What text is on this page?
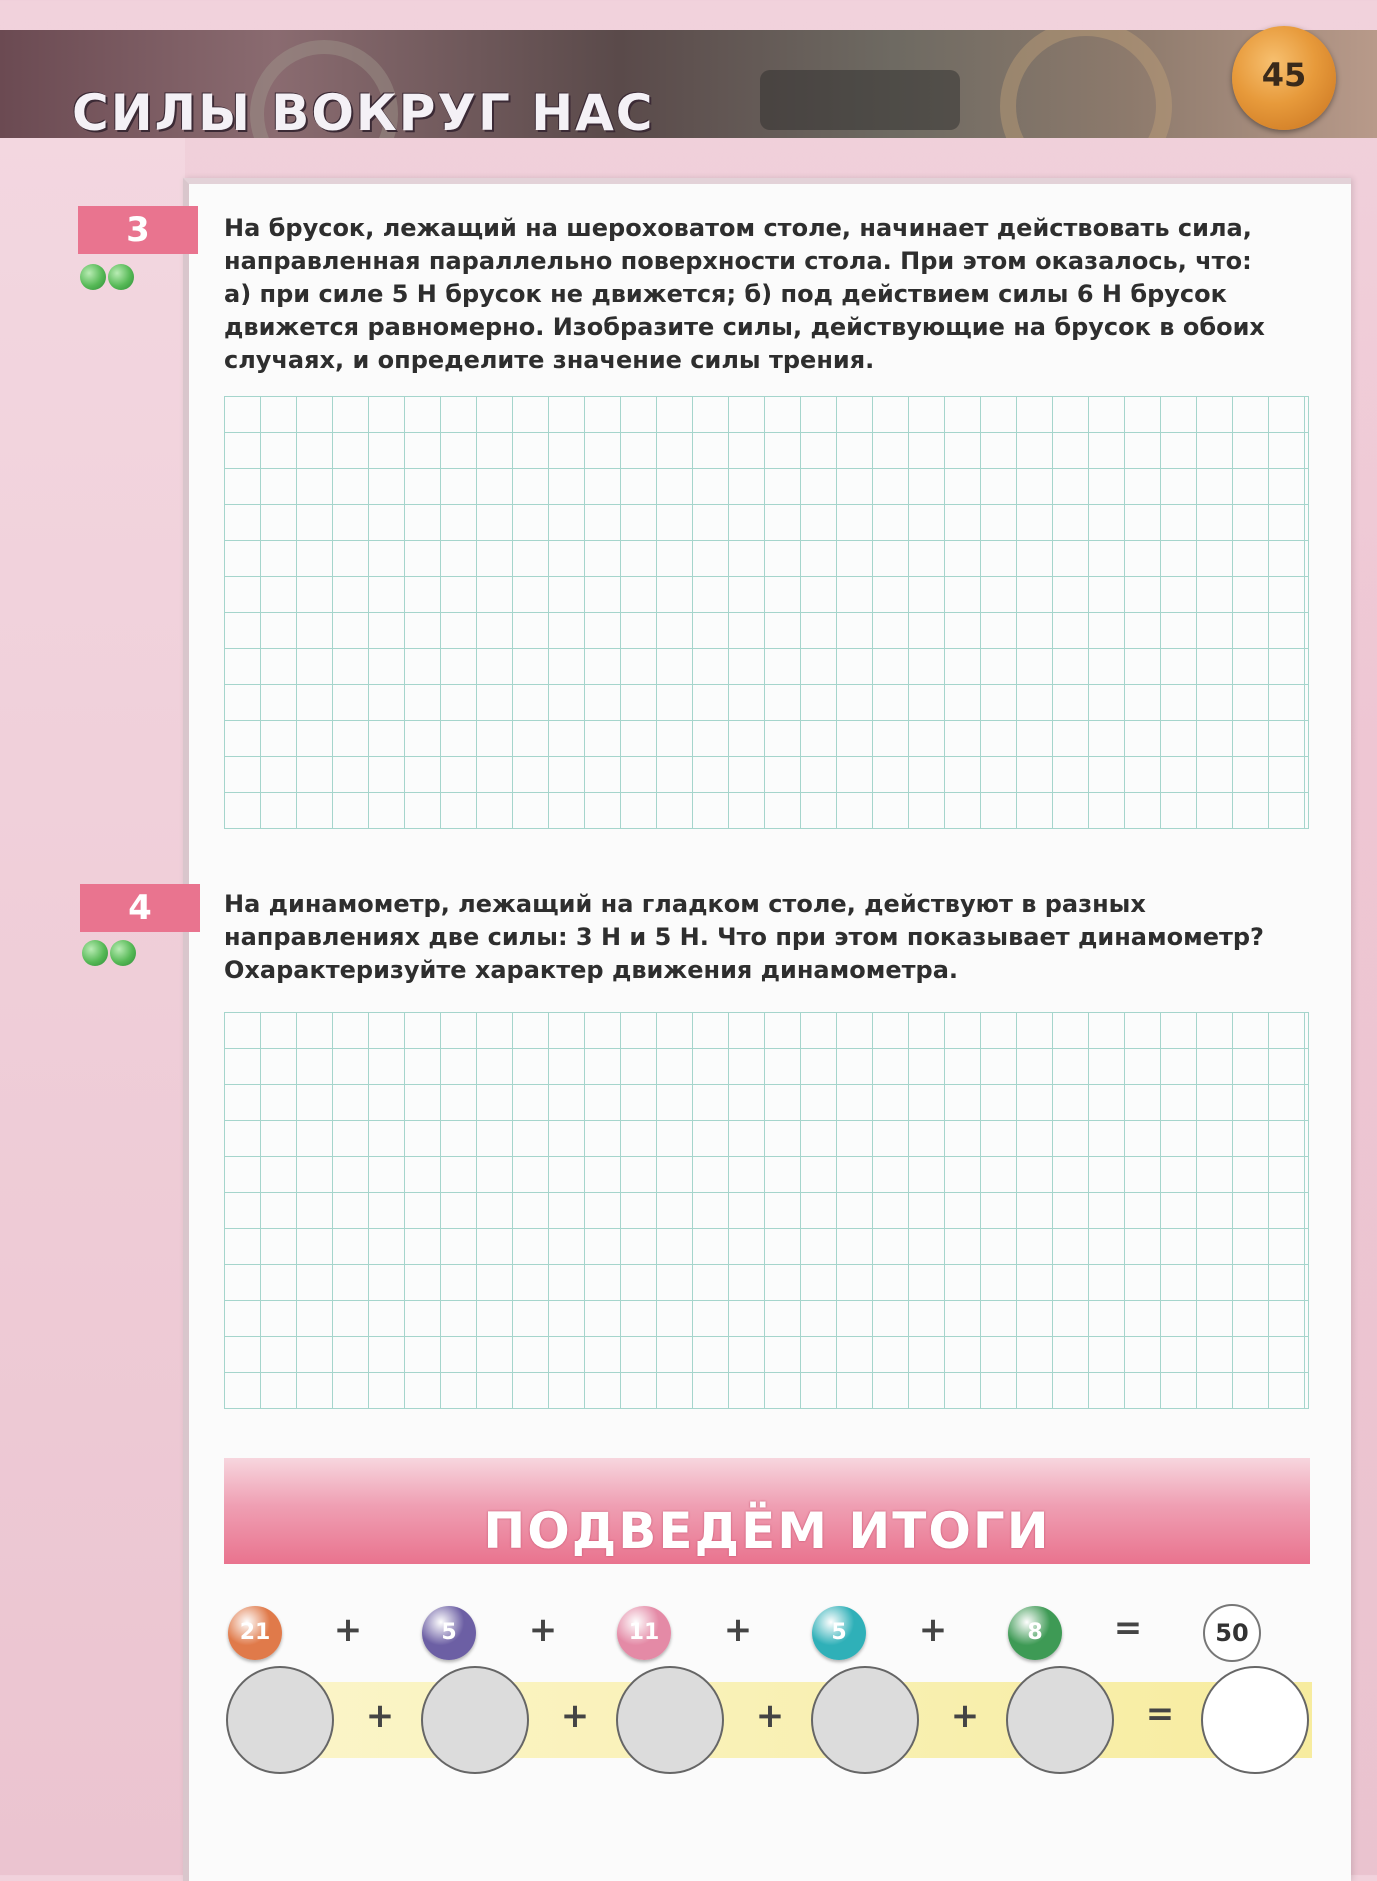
СИЛЫ ВОКРУГ НАС
45
3	На брусок, лежащий на шероховатом столе, начинает действовать сила,
направленная параллельно поверхности стола. При этом оказалось, что:
а) при силе 5 Н брусок не движется; б) под действием силы 6 Н брусок
движется равномерно. Изобразите силы, действующие на брусок в обоих
случаях, и определите значение силы трения.
4	На динамометр, лежащий на гладком столе, действуют в разных
направлениях две силы: 3 Н и 5 Н. Что при этом показывает динамометр?
Охарактеризуйте характер движения динамометра.
ПОДВЕДЁМ ИТОГИ
21	+	5	+	11	+	5	+	8	=	50
+	+	+	+	=
